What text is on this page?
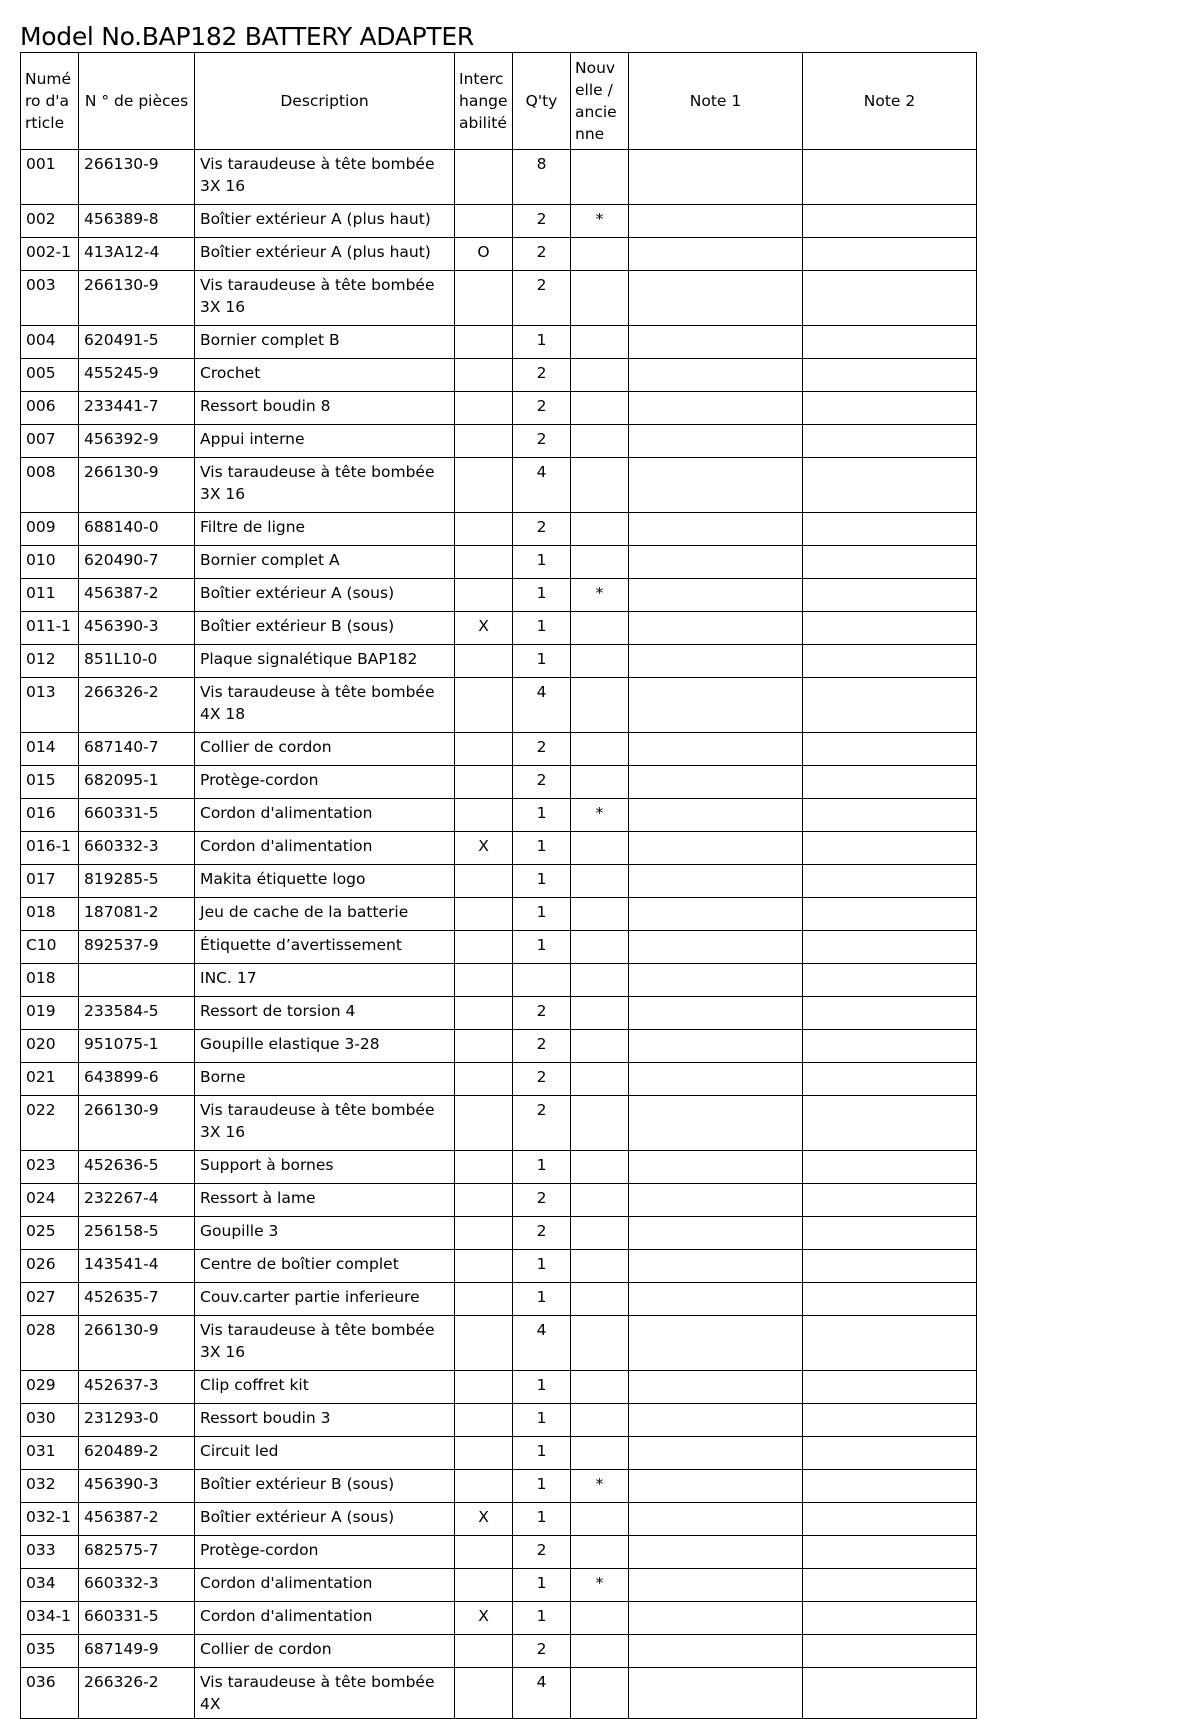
Model No.BAP182 BATTERY ADAPTER
Numéro d'article	N ° de pièces	Description	Interchangeabilité	Q'ty	Nouvelle / ancienne	Note 1	Note 2
001	266130-9	Vis taraudeuse à tête bombée 3X 16		8			
002	456389-8	Boîtier extérieur A (plus haut)		2	*		
002-1	413A12-4	Boîtier extérieur A (plus haut)	O	2			
003	266130-9	Vis taraudeuse à tête bombée 3X 16		2			
004	620491-5	Bornier complet B		1			
005	455245-9	Crochet		2			
006	233441-7	Ressort boudin 8		2			
007	456392-9	Appui interne		2			
008	266130-9	Vis taraudeuse à tête bombée 3X 16		4			
009	688140-0	Filtre de ligne		2			
010	620490-7	Bornier complet A		1			
011	456387-2	Boîtier extérieur A (sous)		1	*		
011-1	456390-3	Boîtier extérieur B (sous)	X	1			
012	851L10-0	Plaque signalétique BAP182		1			
013	266326-2	Vis taraudeuse à tête bombée 4X 18		4			
014	687140-7	Collier de cordon		2			
015	682095-1	Protège-cordon		2			
016	660331-5	Cordon d'alimentation		1	*		
016-1	660332-3	Cordon d'alimentation	X	1			
017	819285-5	Makita étiquette logo		1			
018	187081-2	Jeu de cache de la batterie		1			
C10	892537-9	Étiquette d’avertissement		1			
018		INC. 17					
019	233584-5	Ressort de torsion 4		2			
020	951075-1	Goupille elastique 3-28		2			
021	643899-6	Borne		2			
022	266130-9	Vis taraudeuse à tête bombée 3X 16		2			
023	452636-5	Support à bornes		1			
024	232267-4	Ressort à lame		2			
025	256158-5	Goupille 3		2			
026	143541-4	Centre de boîtier complet		1			
027	452635-7	Couv.carter partie inferieure		1			
028	266130-9	Vis taraudeuse à tête bombée 3X 16		4			
029	452637-3	Clip coffret kit		1			
030	231293-0	Ressort boudin 3		1			
031	620489-2	Circuit led		1			
032	456390-3	Boîtier extérieur B (sous)		1	*		
032-1	456387-2	Boîtier extérieur A (sous)	X	1			
033	682575-7	Protège-cordon		2			
034	660332-3	Cordon d'alimentation		1	*		
034-1	660331-5	Cordon d'alimentation	X	1			
035	687149-9	Collier de cordon		2			
036	266326-2	Vis taraudeuse à tête bombée 4X		4			
